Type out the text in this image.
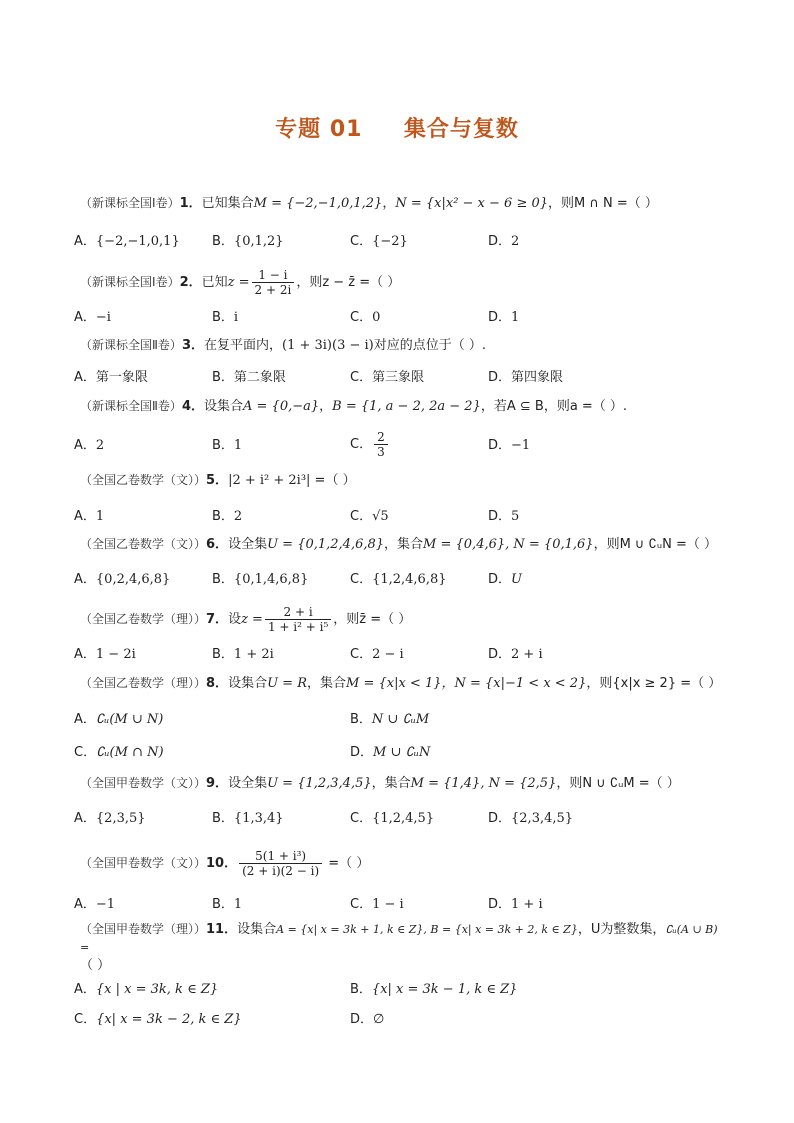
专题 01 集合与复数
（新课标全国Ⅰ卷）1．已知集合M = {−2,−1,0,1,2}，N = {x|x² − x − 6 ≥ 0}，则M ∩ N =（ ）
A．{−2,−1,0,1} B．{0,1,2}	C．{−2}	D．2
（新课标全国Ⅰ卷）2．已知$z = \frac{1 - i}{2 + 2i}$ ，则z − z̄ =（ ）
A．−i	B．i	C．0	D．1
（新课标全国Ⅱ卷）3．在复平面内，(1 + 3i)(3 − i)对应的点位于（ ）.
A．第一象限	B．第二象限	C．第三象限	D．第四象限
（新课标全国Ⅱ卷）4．设集合A = {0,−a}，B = {1, a − 2, 2a − 2}，若A ⊆ B，则a =（ ）.
A．2	B．1	C． $\frac{2}{3}$	D．−1
（全国乙卷数学（文））5．|2 + i² + 2i³| =（ ）
A．1	B．2	C．√5	D．5
（全国乙卷数学（文））6．设全集U = {0,1,2,4,6,8}，集合M = {0,4,6}, N = {0,1,6}，则M ∪ ∁ᵤN =（ ）
A．{0,2,4,6,8}	B．{0,1,4,6,8}	C．{1,2,4,6,8}	D．U
（全国乙卷数学（理））7．设$z = \frac{2 + i}{\text{1 + i² + i⁵}}$ ，则z̄ =（ ）
A．1 − 2i	B．1 + 2i	C．2 − i	D．2 + i
（全国乙卷数学（理））8．设集合U = R，集合M = {x|x < 1}，N = {x|−1 < x < 2}，则{x|x ≥ 2} =（ ）
A．∁ᵤ(M ∪ N)	B．N ∪ ∁ᵤM
C．∁ᵤ(M ∩ N)	D．M ∪ ∁ᵤN
（全国甲卷数学（文））9．设全集U = {1,2,3,4,5}，集合M = {1,4}, N = {2,5}，则N ∪ ∁ᵤM =（ ）
A．{2,3,5}	B．{1,3,4}	C．{1,2,4,5}	D．{2,3,4,5}
（全国甲卷数学（文））10． $\frac{\text{5(1 + i³)}}{(2 + i)(2 - i)}$ =（ ）
A．−1	B．1	C．1 − i	D．1 + i
（全国甲卷数学（理））11．设集合A = {x| x = 3k + 1, k ∈ Z}, B = {x| x = 3k + 2, k ∈ Z}，U为整数集，∁ᵤ(A ∪ B) =
（ ）
A．{x | x = 3k, k ∈ Z}	B．{x| x = 3k − 1, k ∈ Z}
C．{x| x = 3k − 2, k ∈ Z}	D．∅
